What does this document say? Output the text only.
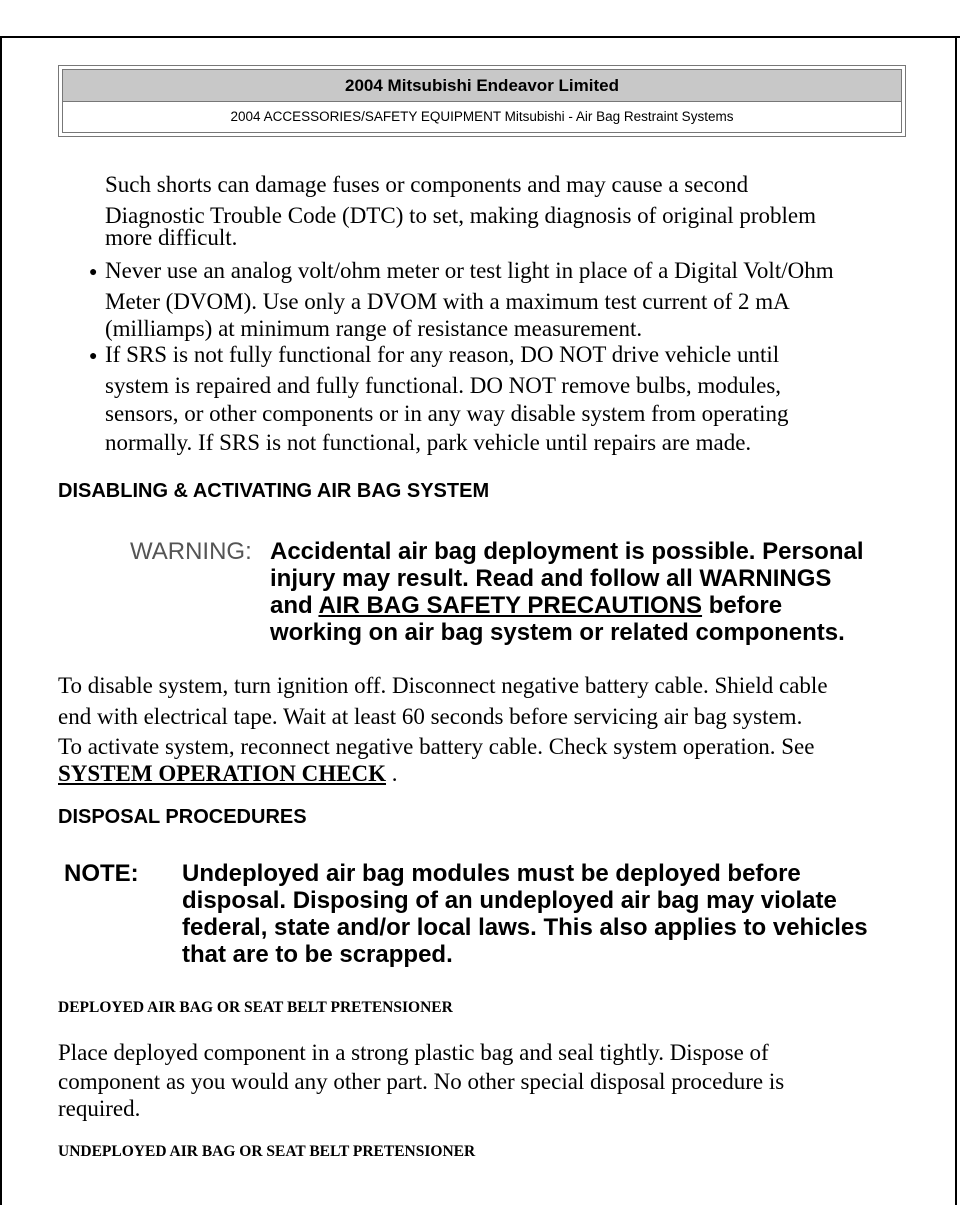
2004 Mitsubishi Endeavor Limited
2004 ACCESSORIES/SAFETY EQUIPMENT Mitsubishi - Air Bag Restraint Systems
Such shorts can damage fuses or components and may cause a second
Diagnostic Trouble Code (DTC) to set, making diagnosis of original problem
more difficult.
● Never use an analog volt/ohm meter or test light in place of a Digital Volt/Ohm
Meter (DVOM). Use only a DVOM with a maximum test current of 2 mA
(milliamps) at minimum range of resistance measurement.
● If SRS is not fully functional for any reason, DO NOT drive vehicle until
system is repaired and fully functional. DO NOT remove bulbs, modules,
sensors, or other components or in any way disable system from operating
normally. If SRS is not functional, park vehicle until repairs are made.
DISABLING & ACTIVATING AIR BAG SYSTEM
WARNING: Accidental air bag deployment is possible. Personal
injury may result. Read and follow all WARNINGS
and AIR BAG SAFETY PRECAUTIONS before
working on air bag system or related components.
To disable system, turn ignition off. Disconnect negative battery cable. Shield cable
end with electrical tape. Wait at least 60 seconds before servicing air bag system.
To activate system, reconnect negative battery cable. Check system operation. See
SYSTEM OPERATION CHECK .
DISPOSAL PROCEDURES
NOTE: Undeployed air bag modules must be deployed before
disposal. Disposing of an undeployed air bag may violate
federal, state and/or local laws. This also applies to vehicles
that are to be scrapped.
DEPLOYED AIR BAG OR SEAT BELT PRETENSIONER
Place deployed component in a strong plastic bag and seal tightly. Dispose of
component as you would any other part. No other special disposal procedure is
required.
UNDEPLOYED AIR BAG OR SEAT BELT PRETENSIONER
